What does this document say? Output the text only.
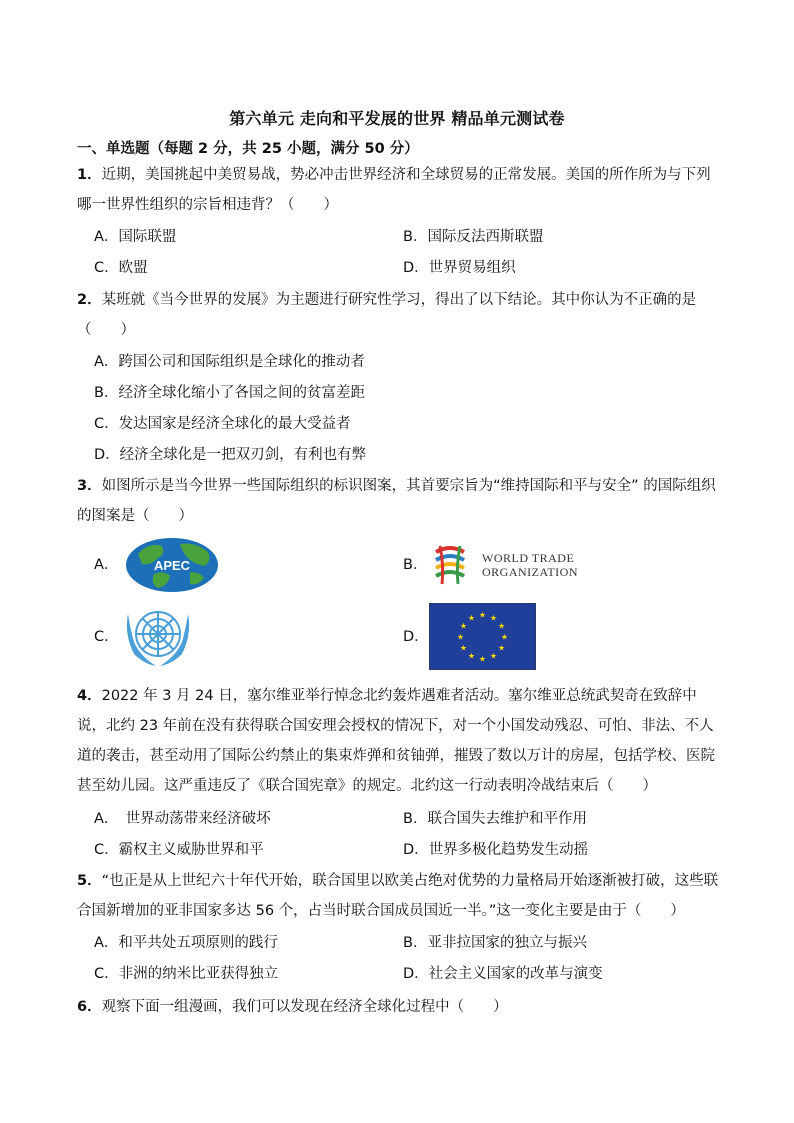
第六单元 走向和平发展的世界 精品单元测试卷
一、单选题（每题 2 分，共 25 小题，满分 50 分）
1．近期，美国挑起中美贸易战，势必冲击世界经济和全球贸易的正常发展。美国的所作所为与下列哪一世界性组织的宗旨相违背？（　　）
A．国际联盟	B．国际反法西斯联盟
C．欧盟	D．世界贸易组织
2．某班就《当今世界的发展》为主题进行研究性学习，得出了以下结论。其中你认为不正确的是（　　）
A．跨国公司和国际组织是全球化的推动者
B．经济全球化缩小了各国之间的贫富差距
C．发达国家是经济全球化的最大受益者
D．经济全球化是一把双刃剑，有利也有弊
3．如图所示是当今世界一些国际组织的标识图案，其首要宗旨为“维持国际和平与安全” 的国际组织的图案是（　　）
A．	APEC	B．	WORLD TRADE
ORGANIZATION
C．	D．
★ ★
★
★
★
★
★
★
★
★
★
★
4．2022 年 3 月 24 日，塞尔维亚举行悼念北约轰炸遇难者活动。塞尔维亚总统武契奇在致辞中说，北约 23 年前在没有获得联合国安理会授权的情况下，对一个小国发动残忍、可怕、非法、不人道的袭击，甚至动用了国际公约禁止的集束炸弹和贫铀弹，摧毁了数以万计的房屋，包括学校、医院甚至幼儿园。这严重违反了《联合国宪章》的规定。北约这一行动表明冷战结束后（　　）
A．　世界动荡带来经济破坏	B．联合国失去维护和平作用
C．霸权主义威胁世界和平	D．世界多极化趋势发生动摇
5．“也正是从上世纪六十年代开始，联合国里以欧美占绝对优势的力量格局开始逐渐被打破，这些联合国新增加的亚非国家多达 56 个，占当时联合国成员国近一半。”这一变化主要是由于（　　）
A．和平共处五项原则的践行	B．亚非拉国家的独立与振兴
C．非洲的纳米比亚获得独立	D．社会主义国家的改革与演变
6．观察下面一组漫画，我们可以发现在经济全球化过程中（　　）
